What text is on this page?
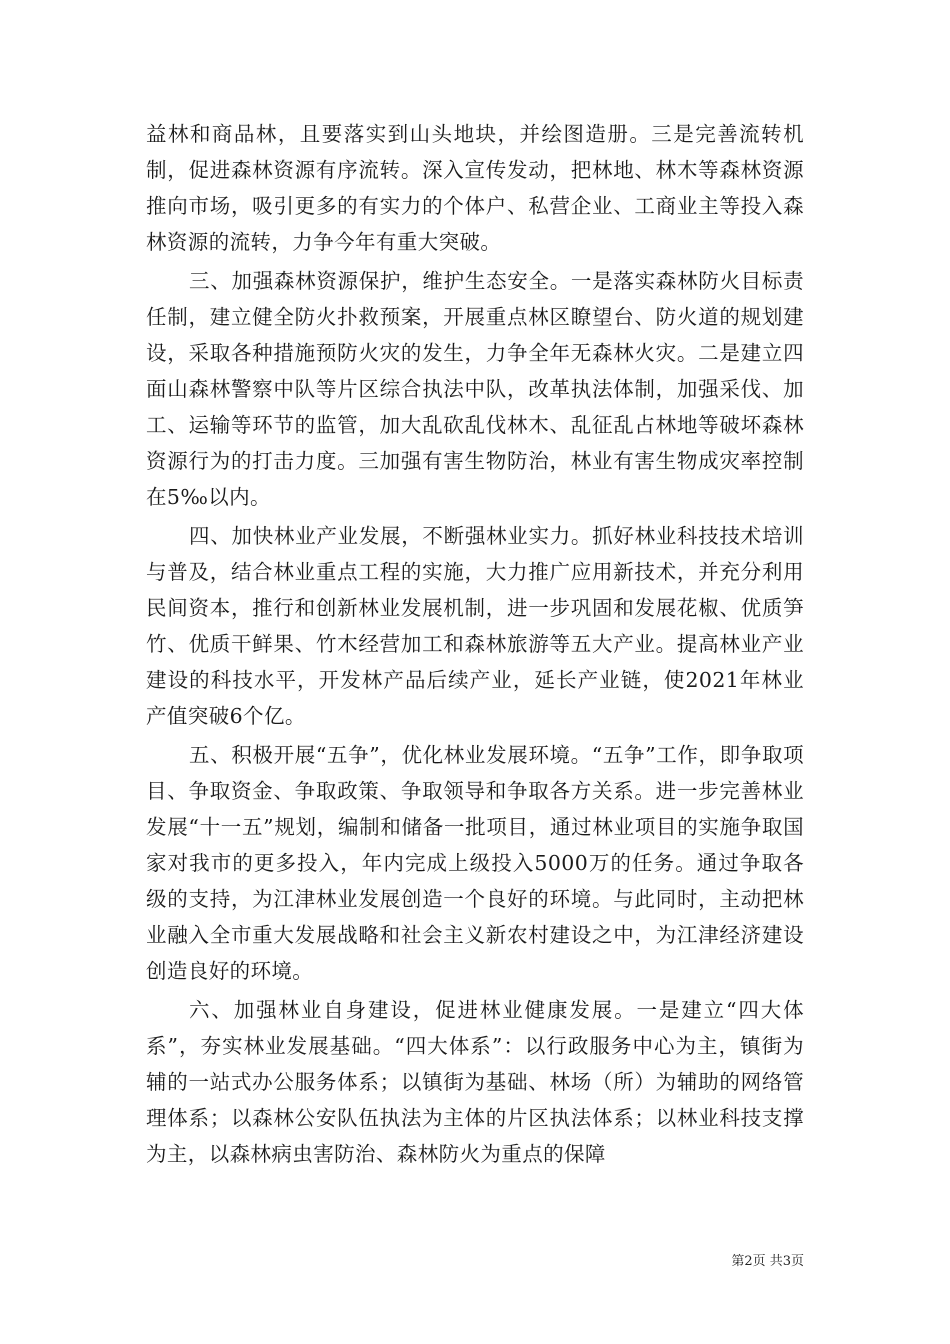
益林和商品林，且要落实到山头地块，并绘图造册。三是完善流转机制，促进森林资源有序流转。深入宣传发动，把林地、林木等森林资源推向市场，吸引更多的有实力的个体户、私营企业、工商业主等投入森林资源的流转，力争今年有重大突破。

三、加强森林资源保护，维护生态安全。一是落实森林防火目标责任制，建立健全防火扑救预案，开展重点林区瞭望台、防火道的规划建设，采取各种措施预防火灾的发生，力争全年无森林火灾。二是建立四面山森林警察中队等片区综合执法中队，改革执法体制，加强采伐、加工、运输等环节的监管，加大乱砍乱伐林木、乱征乱占林地等破坏森林资源行为的打击力度。三加强有害生物防治，林业有害生物成灾率控制在5‰以内。

四、加快林业产业发展，不断强林业实力。抓好林业科技技术培训与普及，结合林业重点工程的实施，大力推广应用新技术，并充分利用民间资本，推行和创新林业发展机制，进一步巩固和发展花椒、优质笋竹、优质干鲜果、竹木经营加工和森林旅游等五大产业。提高林业产业建设的科技水平，开发林产品后续产业，延长产业链，使2021年林业产值突破6个亿。

五、积极开展“五争”，优化林业发展环境。“五争”工作，即争取项目、争取资金、争取政策、争取领导和争取各方关系。进一步完善林业发展“十一五”规划，编制和储备一批项目，通过林业项目的实施争取国家对我市的更多投入，年内完成上级投入5000万的任务。通过争取各级的支持，为江津林业发展创造一个良好的环境。与此同时，主动把林业融入全市重大发展战略和社会主义新农村建设之中，为江津经济建设创造良好的环境。

六、加强林业自身建设，促进林业健康发展。一是建立“四大体系”，夯实林业发展基础。“四大体系”：以行政服务中心为主，镇街为辅的一站式办公服务体系；以镇街为基础、林场（所）为辅助的网络管理体系；以森林公安队伍执法为主体的片区执法体系；以林业科技支撑为主，以森林病虫害防治、森林防火为重点的保障

第2页 共3页
